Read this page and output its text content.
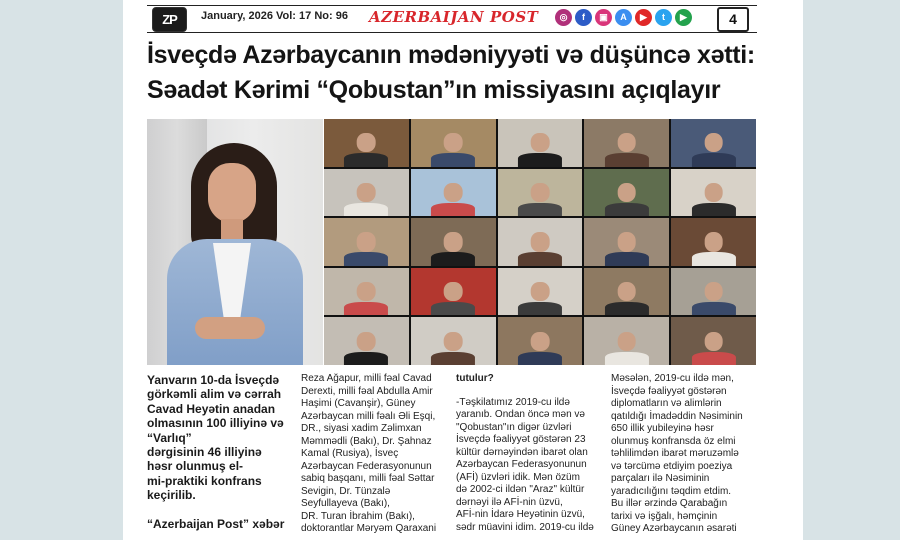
ZP	January, 2026 Vol: 17 No: 96 AZERBAIJAN POST	◎	f	▣	A	▶	t	▶	4
İsveçdə Azərbaycanın mədəniyyəti və düşüncə xətti:
Səadət Kərimi “Qobustan”ın missiyasını açıqlayır

Yanvarın 10-da İsveçdə
görkəmli alim və cərrah
Cavad Heyətin anadan
olmasının 100 illiyinə və
“Varlıq”
dərgisinin 46 illiyinə
həsr olunmuş el-
mi-praktiki konfrans
keçirilib.

“Azerbaijan Post” xəbər

Reza Ağapur, milli fəal Cavad
Derexti, milli fəal Abdulla Amir
Haşimi (Cavanşir), Güney
Azərbaycan milli fəalı Əli Eşqi,
DR., siyasi xadim Zəlimxan
Məmmədli (Bakı), Dr. Şahnaz
Kamal (Rusiya), İsveç
Azərbaycan Federasyonunun
sabiq başqanı, milli fəal Səttar
Sevigin, Dr. Tünzalə
Seyfullayeva (Bakı),
DR. Turan İbrahim (Bakı),
doktorantlar Məryəm Qaraxani
tutulur?
-Təşkilatımız 2019-cu ildə
yaranıb. Ondan öncə mən və
"Qobustan"ın digər üzvləri
İsveçdə fəaliyyət göstərən 23
kültür dərnəyindən ibarət olan
Azərbaycan Federasyonunun
(AFİ) üzvləri idik. Mən özüm
də 2002-ci ildən "Araz" kültür
dərnəyi ilə AFİ-nin üzvü,
AFİ-nin İdarə Heyətinin üzvü,
sədr müavini idim. 2019-cu ildə
Məsələn, 2019-cu ildə mən,
İsveçdə fəaliyyət göstərən
diplomatların və alimlərin
qatıldığı İmadəddin Nəsiminin
650 illik yubileyinə həsr
olunmuş konfransda öz elmi
təhlilimdən ibarət məruzəmlə
və tərcümə etdiyim poeziya
parçaları ilə Nəsiminin
yaradıcılığını təqdim etdim.
Bu illər ərzində Qarabağın
tarixi və işğalı, həmçinin
Güney Azərbaycanın əsarəti
